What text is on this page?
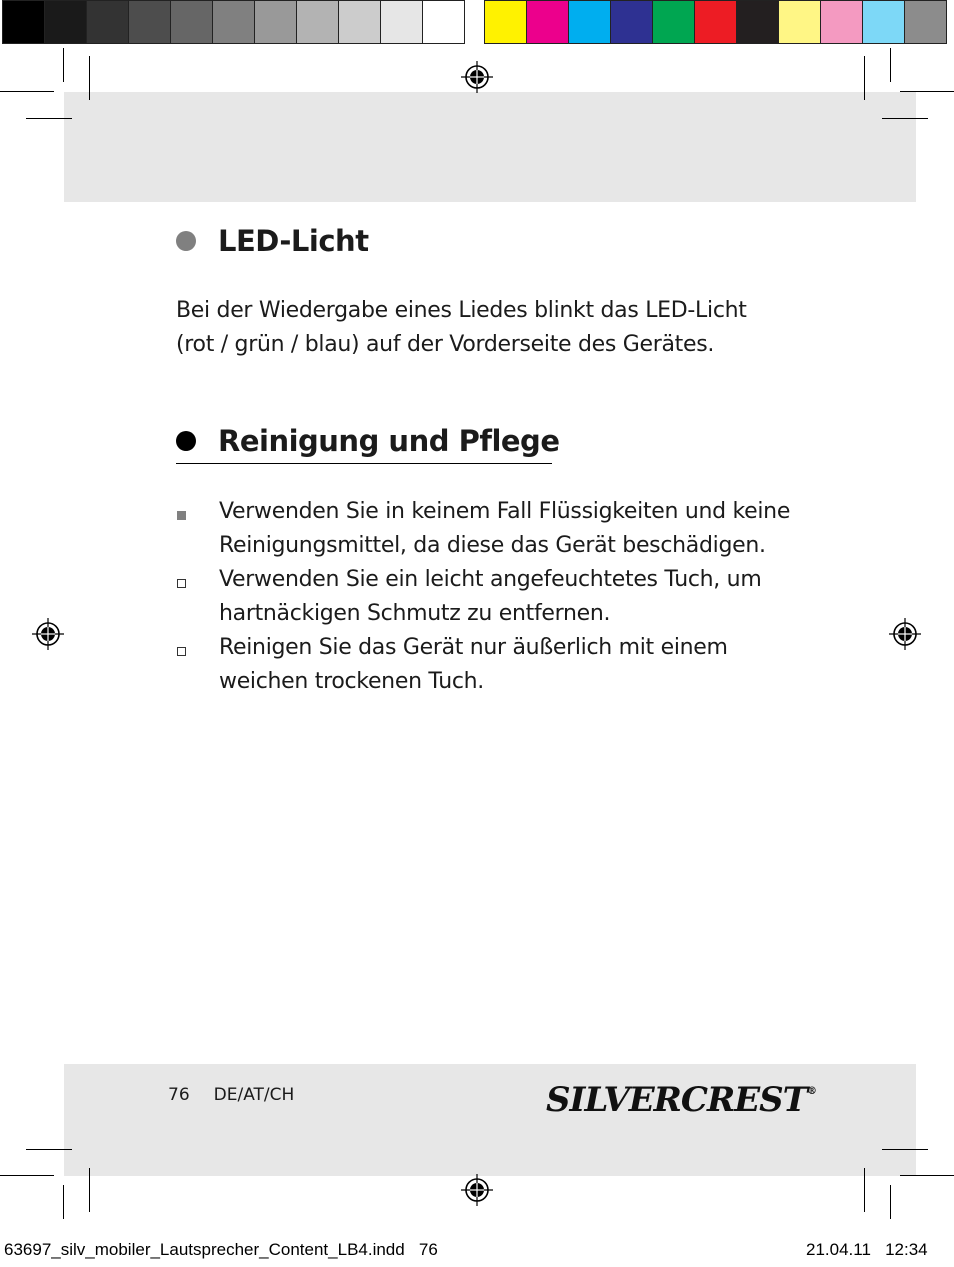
LED-Licht
Bei der Wiedergabe eines Liedes blinkt das LED-Licht
(rot / grün / blau) auf der Vorderseite des Gerätes.
Reinigung und Pflege
Verwenden Sie in keinem Fall Flüssigkeiten und keine
Reinigungsmittel, da diese das Gerät beschädigen.
Verwenden Sie ein leicht angefeuchtetes Tuch, um
hartnäckigen Schmutz zu entfernen.
Reinigen Sie das Gerät nur äußerlich mit einem
weichen trockenen Tuch.
76 DE/AT/CH	SILVERCREST®
63697_silv_mobiler_Lautsprecher_Content_LB4.indd   76	21.04.11   12:34
